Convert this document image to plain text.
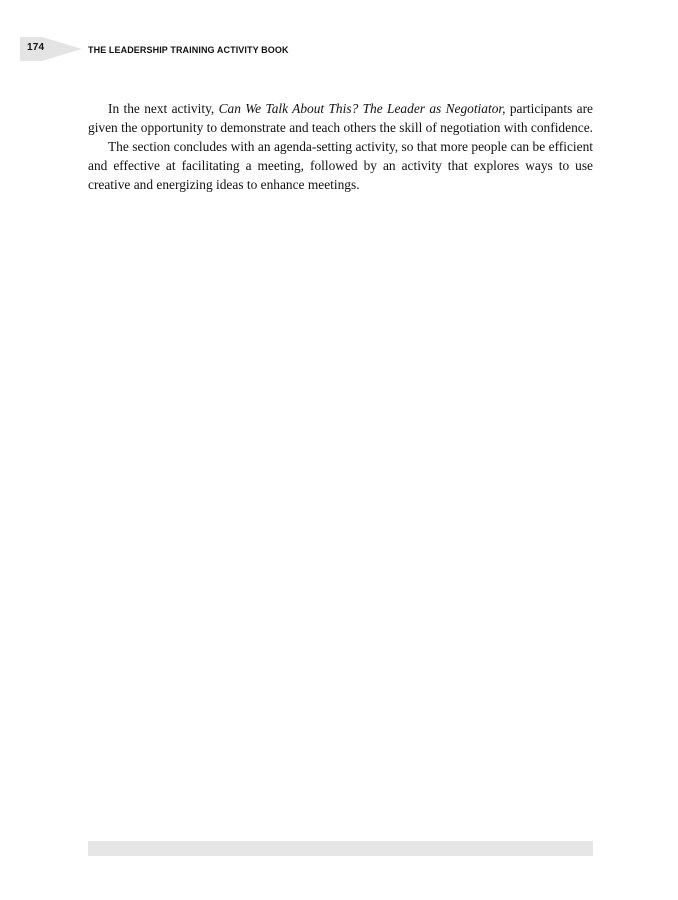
174	THE LEADERSHIP TRAINING ACTIVITY BOOK

In the next activity, Can We Talk About This? The Leader as Negotiator, participants are given the opportunity to demonstrate and teach others the skill of negotiation with confidence.

The section concludes with an agenda-setting activity, so that more people can be efficient and effective at facilitating a meeting, followed by an activity that explores ways to use creative and energizing ideas to enhance meetings.
